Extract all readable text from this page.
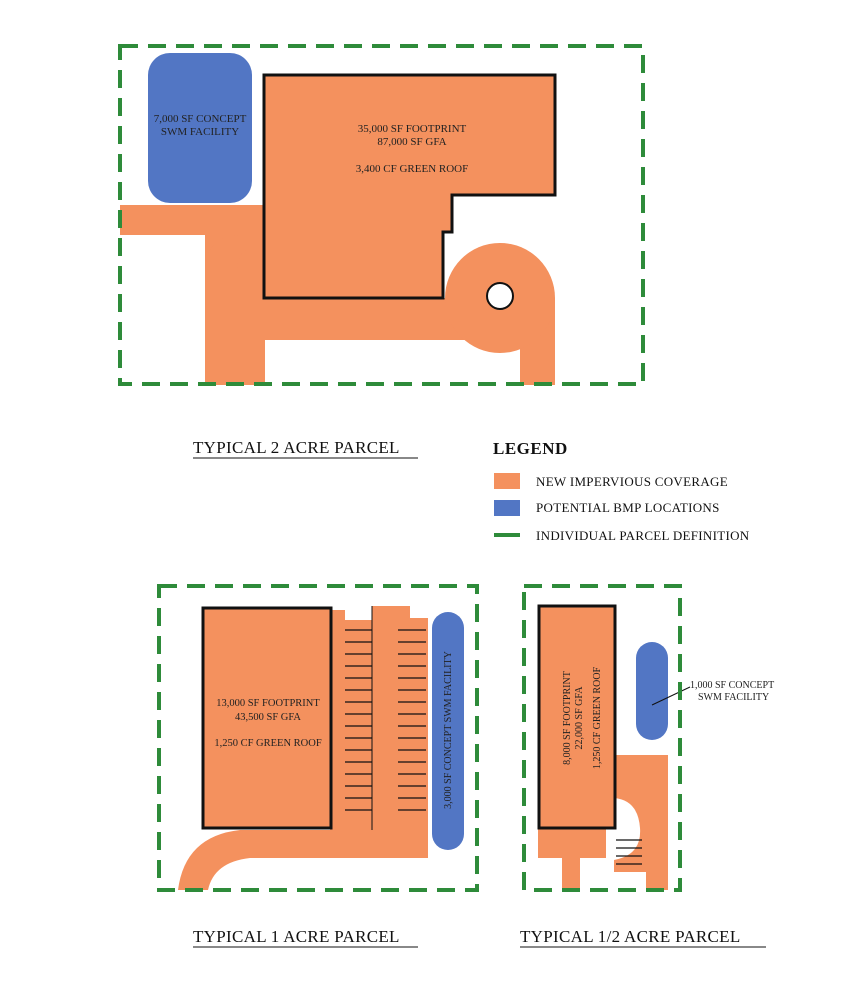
7,000 SF CONCEPT
SWM FACILITY	35,000 SF FOOTPRINT
87,000 SF GFA
3,400 CF GREEN ROOF
TYPICAL 2 ACRE PARCEL	LEGEND
NEW IMPERVIOUS COVERAGE
POTENTIAL BMP LOCATIONS
INDIVIDUAL PARCEL DEFINITION
13,000 SF FOOTPRINT
43,500 SF GFA
1,250 CF GREEN ROOF	3,000 SF CONCEPT SWM FACILITY
TYPICAL 1 ACRE PARCEL
8,000 SF FOOTPRINT 22,000 SF GFA 1,250 CF GREEN ROOF	1,000 SF CONCEPT
SWM FACILITY
TYPICAL 1/2 ACRE PARCEL
